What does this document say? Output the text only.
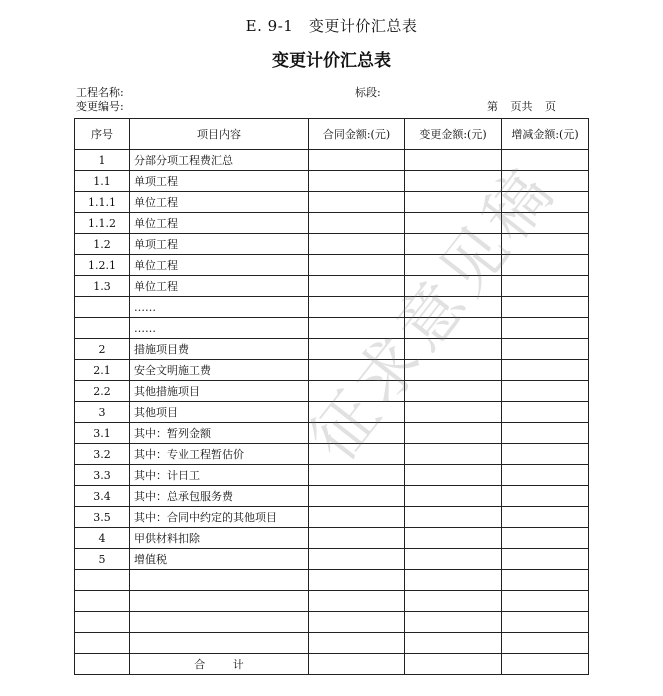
E. 9-1　变更计价汇总表
变更计价汇总表
工程名称:	标段:
变更编号:	第 页共 页
序号	项目内容	合同金额:(元)	变更金额:(元)	增减金额:(元)
1	分部分项工程费汇总			
1.1	单项工程			
1.1.1	单位工程			
1.1.2	单位工程			
1.2	单项工程			
1.2.1	单位工程			
1.3	单位工程			
	……			
	……			
2	措施项目费			
2.1	安全文明施工费			
2.2	其他措施项目			
3	其他项目			
3.1	其中：暂列金额			
3.2	其中：专业工程暂估价			
3.3	其中：计日工			
3.4	其中：总承包服务费			
3.5	其中：合同中约定的其他项目			
4	甲供材料扣除			
5	增值税			

	合 计			
征求意见稿
